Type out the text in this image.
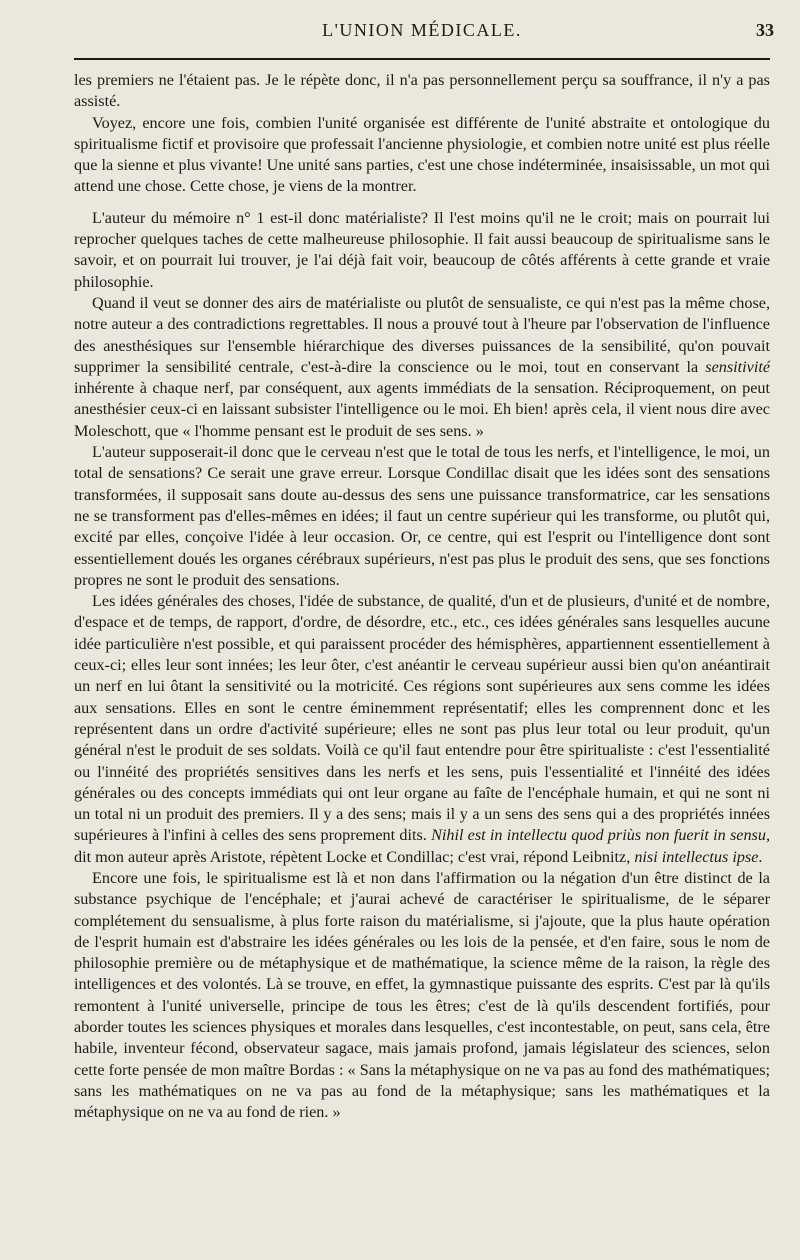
L'UNION MÉDICALE.	33

les premiers ne l'étaient pas. Je le répète donc, il n'a pas personnellement perçu sa souffrance, il n'y a pas assisté.

Voyez, encore une fois, combien l'unité organisée est différente de l'unité abstraite et ontologique du spiritualisme fictif et provisoire que professait l'ancienne physiologie, et combien notre unité est plus réelle que la sienne et plus vivante! Une unité sans parties, c'est une chose indéterminée, insaisissable, un mot qui attend une chose. Cette chose, je viens de la montrer.

L'auteur du mémoire n° 1 est-il donc matérialiste? Il l'est moins qu'il ne le croit; mais on pourrait lui reprocher quelques taches de cette malheureuse philosophie. Il fait aussi beaucoup de spiritualisme sans le savoir, et on pourrait lui trouver, je l'ai déjà fait voir, beaucoup de côtés afférents à cette grande et vraie philosophie.

Quand il veut se donner des airs de matérialiste ou plutôt de sensualiste, ce qui n'est pas la même chose, notre auteur a des contradictions regrettables. Il nous a prouvé tout à l'heure par l'observation de l'influence des anesthésiques sur l'ensemble hiérarchique des diverses puissances de la sensibilité, qu'on pouvait supprimer la sensibilité centrale, c'est-à-dire la conscience ou le moi, tout en conservant la sensitivité inhérente à chaque nerf, par conséquent, aux agents immédiats de la sensation. Réciproquement, on peut anesthésier ceux-ci en laissant subsister l'intelligence ou le moi. Eh bien! après cela, il vient nous dire avec Moleschott, que « l'homme pensant est le produit de ses sens. »

L'auteur supposerait-il donc que le cerveau n'est que le total de tous les nerfs, et l'intelligence, le moi, un total de sensations? Ce serait une grave erreur. Lorsque Condillac disait que les idées sont des sensations transformées, il supposait sans doute au-dessus des sens une puissance transformatrice, car les sensations ne se transforment pas d'elles-mêmes en idées; il faut un centre supérieur qui les transforme, ou plutôt qui, excité par elles, conçoive l'idée à leur occasion. Or, ce centre, qui est l'esprit ou l'intelligence dont sont essentiellement doués les organes cérébraux supérieurs, n'est pas plus le produit des sens, que ses fonctions propres ne sont le produit des sensations.

Les idées générales des choses, l'idée de substance, de qualité, d'un et de plusieurs, d'unité et de nombre, d'espace et de temps, de rapport, d'ordre, de désordre, etc., etc., ces idées générales sans lesquelles aucune idée particulière n'est possible, et qui paraissent procéder des hémisphères, appartiennent essentiellement à ceux-ci; elles leur sont innées; les leur ôter, c'est anéantir le cerveau supérieur aussi bien qu'on anéantirait un nerf en lui ôtant la sensitivité ou la motricité. Ces régions sont supérieures aux sens comme les idées aux sensations. Elles en sont le centre éminemment représentatif; elles les comprennent donc et les représentent dans un ordre d'activité supérieure; elles ne sont pas plus leur total ou leur produit, qu'un général n'est le produit de ses soldats. Voilà ce qu'il faut entendre pour être spiritualiste : c'est l'essentialité ou l'innéité des propriétés sensitives dans les nerfs et les sens, puis l'essentialité et l'innéité des idées générales ou des concepts immédiats qui ont leur organe au faîte de l'encéphale humain, et qui ne sont ni un total ni un produit des premiers. Il y a des sens; mais il y a un sens des sens qui a des propriétés innées supérieures à l'infini à celles des sens proprement dits. Nihil est in intellectu quod priùs non fuerit in sensu, dit mon auteur après Aristote, répètent Locke et Condillac; c'est vrai, répond Leibnitz, nisi intellectus ipse.

Encore une fois, le spiritualisme est là et non dans l'affirmation ou la négation d'un être distinct de la substance psychique de l'encéphale; et j'aurai achevé de caractériser le spiritualisme, de le séparer complétement du sensualisme, à plus forte raison du matérialisme, si j'ajoute, que la plus haute opération de l'esprit humain est d'abstraire les idées générales ou les lois de la pensée, et d'en faire, sous le nom de philosophie première ou de métaphysique et de mathématique, la science même de la raison, la règle des intelligences et des volontés. Là se trouve, en effet, la gymnastique puissante des esprits. C'est par là qu'ils remontent à l'unité universelle, principe de tous les êtres; c'est de là qu'ils descendent fortifiés, pour aborder toutes les sciences physiques et morales dans lesquelles, c'est incontestable, on peut, sans cela, être habile, inventeur fécond, observateur sagace, mais jamais profond, jamais législateur des sciences, selon cette forte pensée de mon maître Bordas : « Sans la métaphysique on ne va pas au fond des mathématiques; sans les mathématiques on ne va pas au fond de la métaphysique; sans les mathématiques et la métaphysique on ne va au fond de rien. »
